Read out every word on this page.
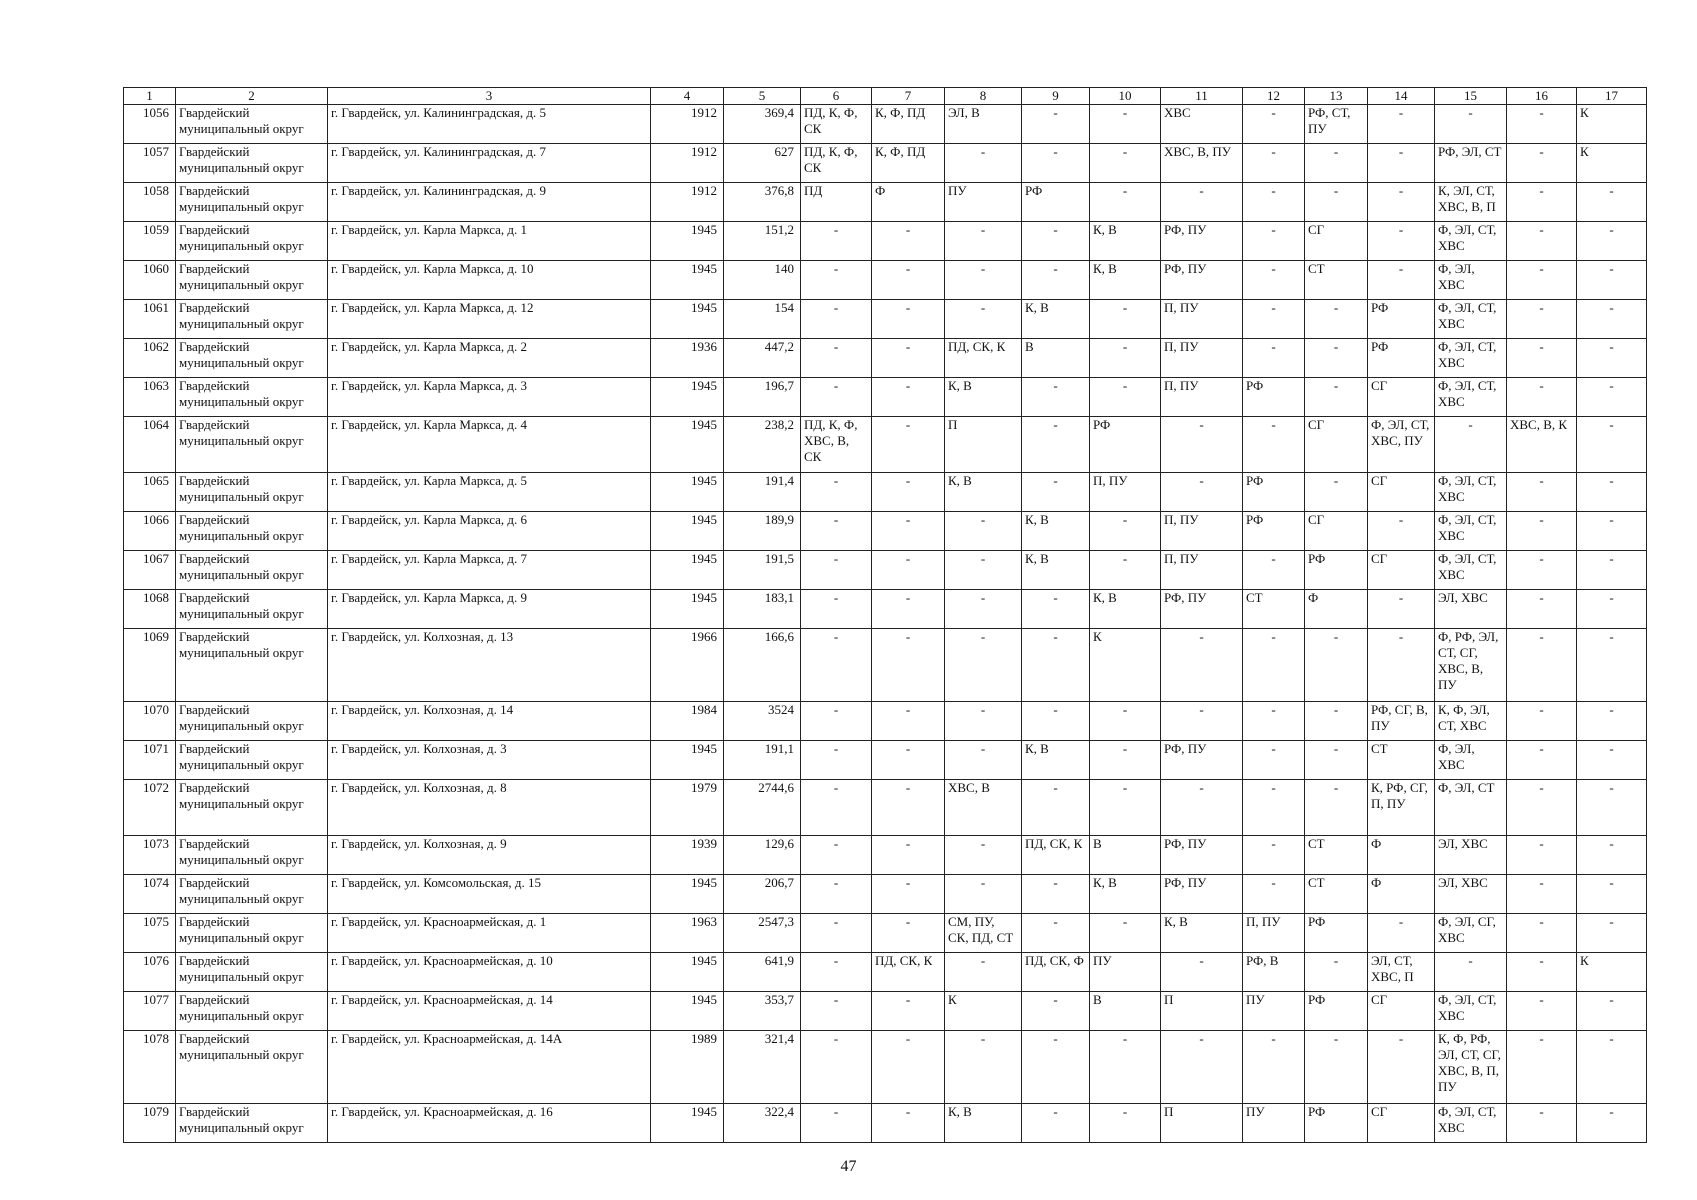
1	2	3	4	5	6	7	8	9	10	11	12	13	14	15	16	17
1056	Гвардейский муниципальный округ	г. Гвардейск, ул. Калининградская, д. 5	1912	369,4	ПД, К, Ф, СК	К, Ф, ПД	ЭЛ, В	-	-	ХВС	-	РФ, СТ, ПУ	-	-	-	К
1057	Гвардейский муниципальный округ	г. Гвардейск, ул. Калининградская, д. 7	1912	627	ПД, К, Ф, СК	К, Ф, ПД	-	-	-	ХВС, В, ПУ	-	-	-	РФ, ЭЛ, СТ	-	К
1058	Гвардейский муниципальный округ	г. Гвардейск, ул. Калининградская, д. 9	1912	376,8	ПД	Ф	ПУ	РФ	-	-	-	-	-	К, ЭЛ, СТ, ХВС, В, П	-	-
1059	Гвардейский муниципальный округ	г. Гвардейск, ул. Карла Маркса, д. 1	1945	151,2	-	-	-	-	К, В	РФ, ПУ	-	СГ	-	Ф, ЭЛ, СТ, ХВС	-	-
1060	Гвардейский муниципальный округ	г. Гвардейск, ул. Карла Маркса, д. 10	1945	140	-	-	-	-	К, В	РФ, ПУ	-	СТ	-	Ф, ЭЛ, ХВС	-	-
1061	Гвардейский муниципальный округ	г. Гвардейск, ул. Карла Маркса, д. 12	1945	154	-	-	-	К, В	-	П, ПУ	-	-	РФ	Ф, ЭЛ, СТ, ХВС	-	-
1062	Гвардейский муниципальный округ	г. Гвардейск, ул. Карла Маркса, д. 2	1936	447,2	-	-	ПД, СК, К	В	-	П, ПУ	-	-	РФ	Ф, ЭЛ, СТ, ХВС	-	-
1063	Гвардейский муниципальный округ	г. Гвардейск, ул. Карла Маркса, д. 3	1945	196,7	-	-	К, В	-	-	П, ПУ	РФ	-	СГ	Ф, ЭЛ, СТ, ХВС	-	-
1064	Гвардейский муниципальный округ	г. Гвардейск, ул. Карла Маркса, д. 4	1945	238,2	ПД, К, Ф, ХВС, В, СК	-	П	-	РФ	-	-	СГ	Ф, ЭЛ, СТ, ХВС, ПУ	-	ХВС, В, К	-
1065	Гвардейский муниципальный округ	г. Гвардейск, ул. Карла Маркса, д. 5	1945	191,4	-	-	К, В	-	П, ПУ	-	РФ	-	СГ	Ф, ЭЛ, СТ, ХВС	-	-
1066	Гвардейский муниципальный округ	г. Гвардейск, ул. Карла Маркса, д. 6	1945	189,9	-	-	-	К, В	-	П, ПУ	РФ	СГ	-	Ф, ЭЛ, СТ, ХВС	-	-
1067	Гвардейский муниципальный округ	г. Гвардейск, ул. Карла Маркса, д. 7	1945	191,5	-	-	-	К, В	-	П, ПУ	-	РФ	СГ	Ф, ЭЛ, СТ, ХВС	-	-
1068	Гвардейский муниципальный округ	г. Гвардейск, ул. Карла Маркса, д. 9	1945	183,1	-	-	-	-	К, В	РФ, ПУ	СТ	Ф	-	ЭЛ, ХВС	-	-
1069	Гвардейский муниципальный округ	г. Гвардейск, ул. Колхозная, д. 13	1966	166,6	-	-	-	-	К	-	-	-	-	Ф, РФ, ЭЛ, СТ, СГ, ХВС, В, ПУ	-	-
1070	Гвардейский муниципальный округ	г. Гвардейск, ул. Колхозная, д. 14	1984	3524	-	-	-	-	-	-	-	-	РФ, СГ, В, ПУ	К, Ф, ЭЛ, СТ, ХВС	-	-
1071	Гвардейский муниципальный округ	г. Гвардейск, ул. Колхозная, д. 3	1945	191,1	-	-	-	К, В	-	РФ, ПУ	-	-	СТ	Ф, ЭЛ, ХВС	-	-
1072	Гвардейский муниципальный округ	г. Гвардейск, ул. Колхозная, д. 8	1979	2744,6	-	-	ХВС, В	-	-	-	-	-	К, РФ, СГ, П, ПУ	Ф, ЭЛ, СТ	-	-
1073	Гвардейский муниципальный округ	г. Гвардейск, ул. Колхозная, д. 9	1939	129,6	-	-	-	ПД, СК, К	В	РФ, ПУ	-	СТ	Ф	ЭЛ, ХВС	-	-
1074	Гвардейский муниципальный округ	г. Гвардейск, ул. Комсомольская, д. 15	1945	206,7	-	-	-	-	К, В	РФ, ПУ	-	СТ	Ф	ЭЛ, ХВС	-	-
1075	Гвардейский муниципальный округ	г. Гвардейск, ул. Красноармейская, д. 1	1963	2547,3	-	-	СМ, ПУ, СК, ПД, СТ	-	-	К, В	П, ПУ	РФ	-	Ф, ЭЛ, СГ, ХВС	-	-
1076	Гвардейский муниципальный округ	г. Гвардейск, ул. Красноармейская, д. 10	1945	641,9	-	ПД, СК, К	-	ПД, СК, Ф	ПУ	-	РФ, В	-	ЭЛ, СТ, ХВС, П	-	-	К
1077	Гвардейский муниципальный округ	г. Гвардейск, ул. Красноармейская, д. 14	1945	353,7	-	-	К	-	В	П	ПУ	РФ	СГ	Ф, ЭЛ, СТ, ХВС	-	-
1078	Гвардейский муниципальный округ	г. Гвардейск, ул. Красноармейская, д. 14А	1989	321,4	-	-	-	-	-	-	-	-	-	К, Ф, РФ, ЭЛ, СТ, СГ, ХВС, В, П, ПУ	-	-
1079	Гвардейский муниципальный округ	г. Гвардейск, ул. Красноармейская, д. 16	1945	322,4	-	-	К, В	-	-	П	ПУ	РФ	СГ	Ф, ЭЛ, СТ, ХВС	-	-
47
